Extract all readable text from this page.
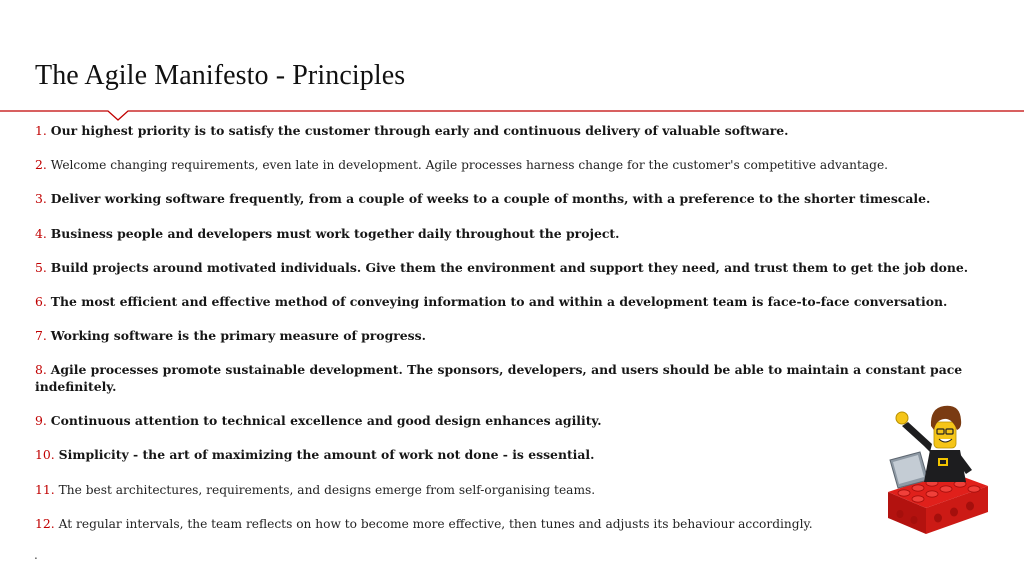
The Agile Manifesto - Principles
1. Our highest priority is to satisfy the customer through early and continuous delivery of valuable software.
2. Welcome changing requirements, even late in development. Agile processes harness change for the customer's competitive advantage.
3. Deliver working software frequently, from a couple of weeks to a couple of months, with a preference to the shorter timescale.
4. Business people and developers must work together daily throughout the project.
5. Build projects around motivated individuals. Give them the environment and support they need, and trust them to get the job done.
6. The most efficient and effective method of conveying information to and within a development team is face-to-face conversation.
7. Working software is the primary measure of progress.
8. Agile processes promote sustainable development. The sponsors, developers, and users should be able to maintain a constant pace indefinitely.
9. Continuous attention to technical excellence and good design enhances agility.
10. Simplicity - the art of maximizing the amount of work not done - is essential.
11. The best architectures, requirements, and designs emerge from self-organising teams.
12. At regular intervals, the team reflects on how to become more effective, then tunes and adjusts its behaviour accordingly.
.
